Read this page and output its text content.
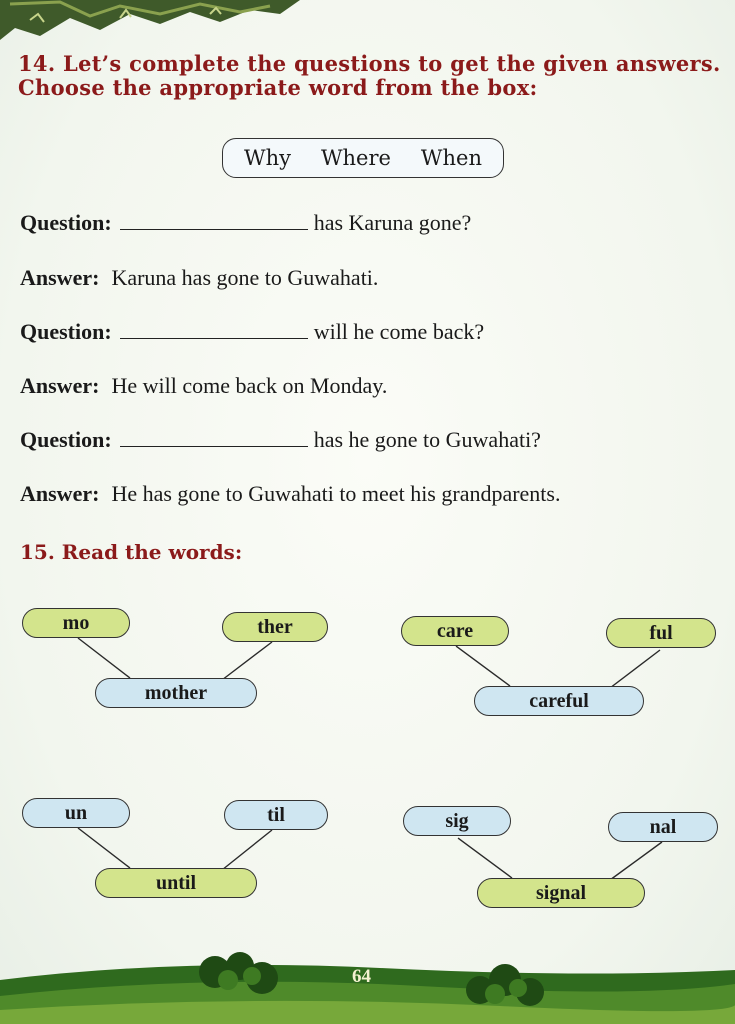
14. Let’s complete the questions to get the given answers.
Choose the appropriate word from the box:
Why Where When
Question:	has Karuna gone?
Answer: Karuna has gone to Guwahati.
Question:	will he come back?
Answer: He will come back on Monday.
Question:	has he gone to Guwahati?
Answer: He has gone to Guwahati to meet his grandparents.
15. Read the words:
mo	ther
mother
care	ful
careful
un	til
until
sig	nal
signal
64
